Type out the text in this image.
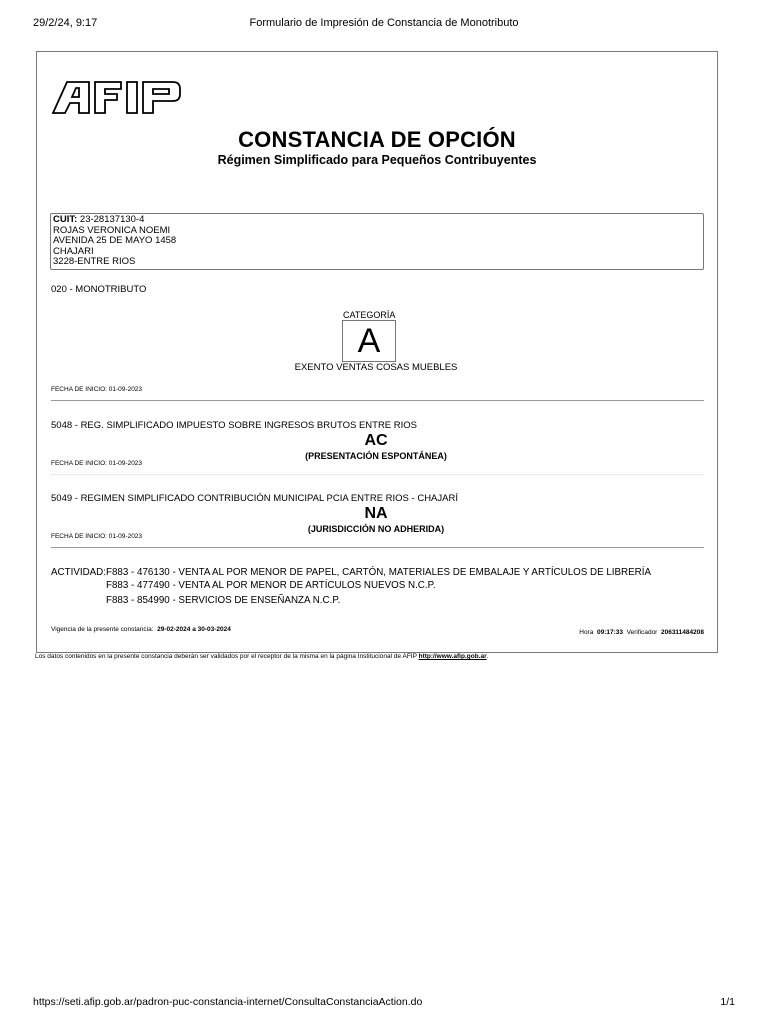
29/2/24, 9:17	Formulario de Impresión de Constancia de Monotributo
CONSTANCIA DE OPCIÓN
Régimen Simplificado para Pequeños Contribuyentes
CUIT: 23-28137130-4
ROJAS VERONICA NOEMI
AVENIDA 25 DE MAYO 1458
CHAJARI
3228-ENTRE RIOS
020 - MONOTRIBUTO
CATEGORÍA
A
EXENTO VENTAS COSAS MUEBLES
FECHA DE INICIO: 01-09-2023
5048 - REG. SIMPLIFICADO IMPUESTO SOBRE INGRESOS BRUTOS ENTRE RIOS
AC
(PRESENTACIÓN ESPONTÁNEA)
FECHA DE INICIO: 01-09-2023
5049 - REGIMEN SIMPLIFICADO CONTRIBUCIÓN MUNICIPAL PCIA ENTRE RIOS - CHAJARÍ
NA
(JURISDICCIÓN NO ADHERIDA)
FECHA DE INICIO: 01-09-2023
ACTIVIDAD: F883 - 476130 - VENTA AL POR MENOR DE PAPEL, CARTÓN, MATERIALES DE EMBALAJE Y ARTÍCULOS DE LIBRERÍA
F883 - 477490 - VENTA AL POR MENOR DE ARTÍCULOS NUEVOS N.C.P.
F883 - 854990 - SERVICIOS DE ENSEÑANZA N.C.P.
Vigencia de la presente constancia: 29-02-2024 a 30-03-2024	Hora 09:17:33 Verificador 206311484208
Los datos contenidos en la presente constancia deberán ser validados por el receptor de la misma en la página Institucional de AFIP http://www.afip.gob.ar.
https://seti.afip.gob.ar/padron-puc-constancia-internet/ConsultaConstanciaAction.do	1/1
